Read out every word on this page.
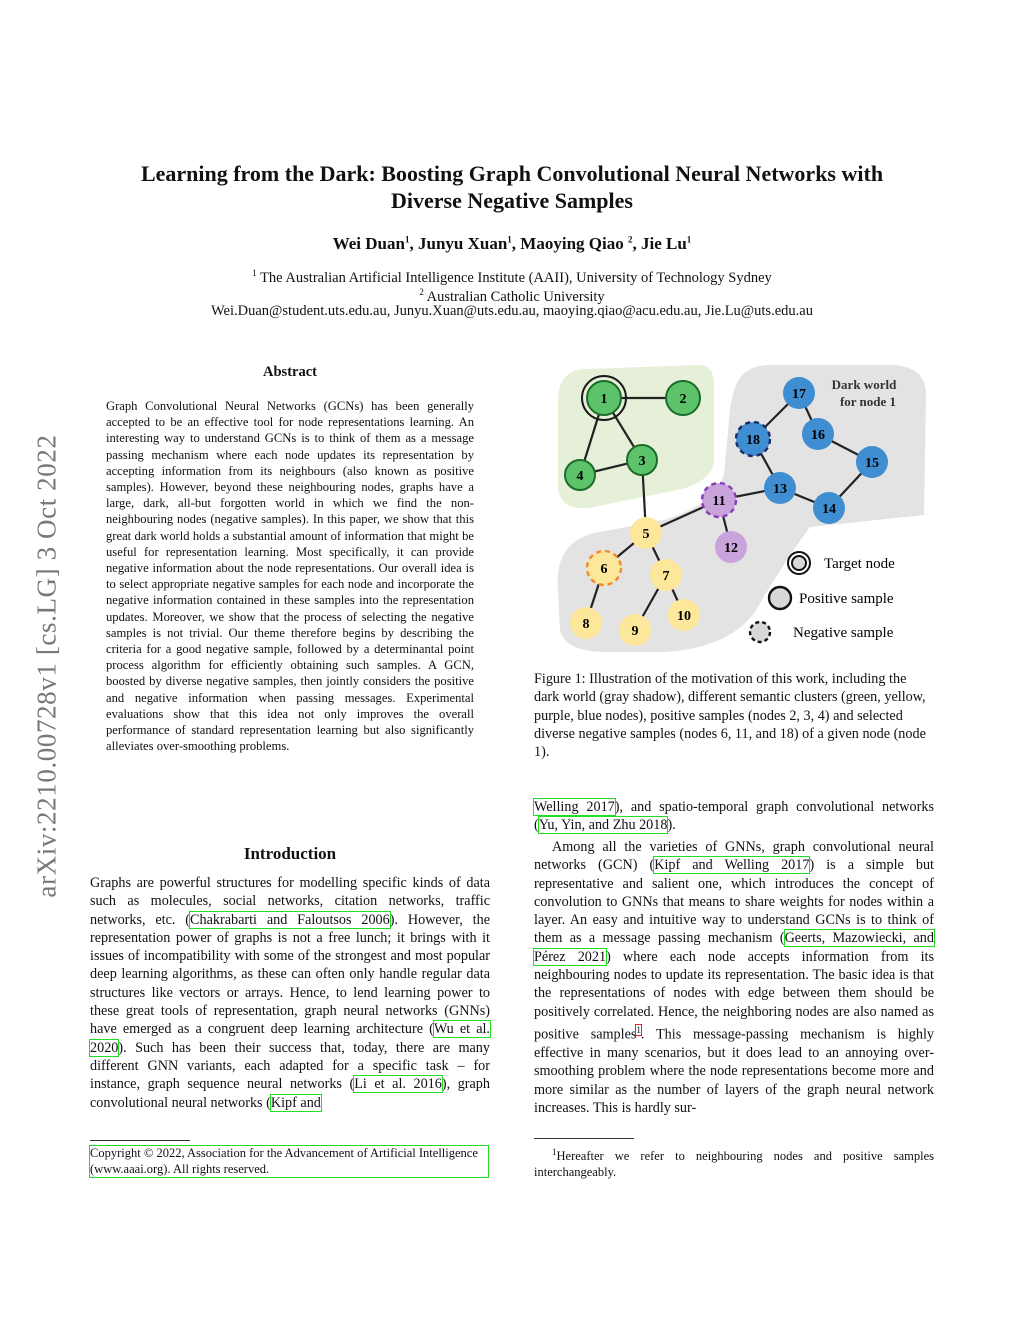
arXiv:2210.00728v1 [cs.LG] 3 Oct 2022
Learning from the Dark: Boosting Graph Convolutional Neural Networks with
Diverse Negative Samples
Wei Duan$^1$, Junyu Xuan$^1$, Maoying Qiao $^2$, Jie Lu$^1$
$^1$ The Australian Artificial Intelligence Institute (AAII), University of Technology Sydney
$^2$ Australian Catholic University
Wei.Duan@student.uts.edu.au, Junyu.Xuan@uts.edu.au, maoying.qiao@acu.edu.au, Jie.Lu@uts.edu.au
Abstract
Graph Convolutional Neural Networks (GCNs) has been generally accepted to be an effective tool for node representations learning. An interesting way to understand GCNs is to think of them as a message passing mechanism where each node updates its representation by accepting information from its neighbours (also known as positive samples). However, beyond these neighbouring nodes, graphs have a large, dark, all-but forgotten world in which we find the non-neighbouring nodes (negative samples). In this paper, we show that this great dark world holds a substantial amount of information that might be useful for representation learning. Most specifically, it can provide negative information about the node representations. Our overall idea is to select appropriate negative samples for each node and incorporate the negative information contained in these samples into the representation updates. Moreover, we show that the process of selecting the negative samples is not trivial. Our theme therefore begins by describing the criteria for a good negative sample, followed by a determinantal point process algorithm for efficiently obtaining such samples. A GCN, boosted by diverse negative samples, then jointly considers the positive and negative information when passing messages. Experimental evaluations show that this idea not only improves the overall performance of standard representation learning but also significantly alleviates over-smoothing problems.
Introduction
Graphs are powerful structures for modelling specific kinds of data such as molecules, social networks, citation networks, traffic networks, etc. (Chakrabarti and Faloutsos 2006). However, the representation power of graphs is not a free lunch; it brings with it issues of incompatibility with some of the strongest and most popular deep learning algorithms, as these can often only handle regular data structures like vectors or arrays. Hence, to lend learning power to these great tools of representation, graph neural networks (GNNs) have emerged as a congruent deep learning architecture (Wu et al. 2020). Such has been their success that, today, there are many different GNN variants, each adapted for a specific task – for instance, graph sequence neural networks (Li et al. 2016), graph convolutional neural networks (Kipf and
Copyright © 2022, Association for the Advancement of Artificial Intelligence (www.aaai.org). All rights reserved.
Dark world
for node 1
1	2
3
4
5
6	7
8	9
10
11
12
13
14
15
16
17
18
Target node
Positive sample
Negative sample
Figure 1: Illustration of the motivation of this work, including the dark world (gray shadow), different semantic clusters (green, yellow, purple, blue nodes), positive samples (nodes 2, 3, 4) and selected diverse negative samples (nodes 6, 11, and 18) of a given node (node 1).
Welling 2017), and spatio-temporal graph convolutional networks (Yu, Yin, and Zhu 2018).
Among all the varieties of GNNs, graph convolutional neural networks (GCN) (Kipf and Welling 2017) is a simple but representative and salient one, which introduces the concept of convolution to GNNs that means to share weights for nodes within a layer. An easy and intuitive way to understand GCNs is to think of them as a message passing mechanism (Geerts, Mazowiecki, and Pérez 2021) where each node accepts information from its neighbouring nodes to update its representation. The basic idea is that the representations of nodes with edge between them should be positively correlated. Hence, the neighboring nodes are also named as positive samples$^1$. This message-passing mechanism is highly effective in many scenarios, but it does lead to an annoying over-smoothing problem where the node representations become more and more similar as the number of layers of the graph neural network increases. This is hardly sur-
$^1$Hereafter we refer to neighbouring nodes and positive samples interchangeably.
